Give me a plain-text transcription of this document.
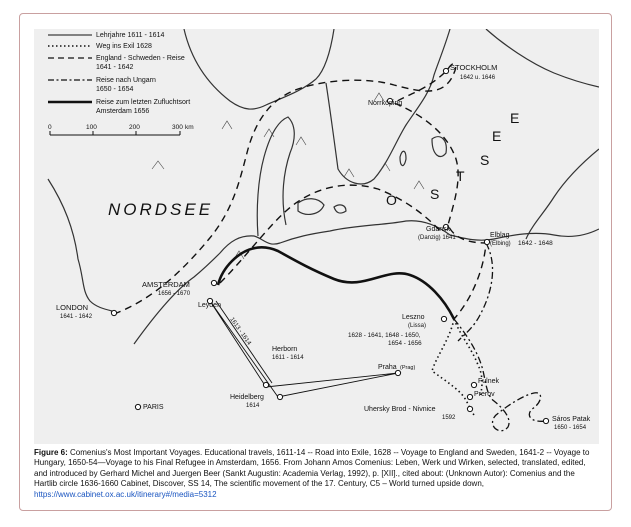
NORDSEE	O S
T
S
E
E
STOCKHOLM
1642 u. 1646
Norrköping
Gdansk
(Danzig) 1641	Elblag
(Elbing) 1642 - 1648
AMSTERDAM
1656 - 1670
Leyden
LONDON
1641 - 1642	Leszno
(Lissa)
1628 - 1641, 1648 - 1650,
1654 - 1656
Herborn
1611 - 1614
1613 - 1614
Praha (Prag)
Fulnek
Prerov
Heidelberg
1614
PARIS	Uhersky Brod - Nivnice
1592	Sáros Patak
1650 - 1654
Lehrjahre 1611 - 1614
Weg ins Exil 1628
England - Schweden - Reise
1641 - 1642
Reise nach Ungarn
1650 - 1654
Reise zum letzten Zufluchtsort
Amsterdam 1656
0	100	200	300 km
Figure 6: Comenius's Most Important Voyages. Educational travels, 1611-14 -- Road into Exile, 1628 -- Voyage to England and Sweden, 1641-2 -- Voyage to Hungary, 1650-54—Voyage to his Final Refugee in Amsterdam, 1656. From Johann Amos Comenius: Leben, Werk und Wirken, selected, translated, edited, and introduced by Gerhard Michel and Juergen Beer (Sankt Augustin: Academia Verlag, 1992), p. [XII]., cited about: (Unknown Autor): Comenius and the Hartlib circle 1636-1660 Cabinet, Discover, SS 14, The scientific movement of the 17. Century, C5 – World turned upside down, https://www.cabinet.ox.ac.uk/itinerary#/media=5312
